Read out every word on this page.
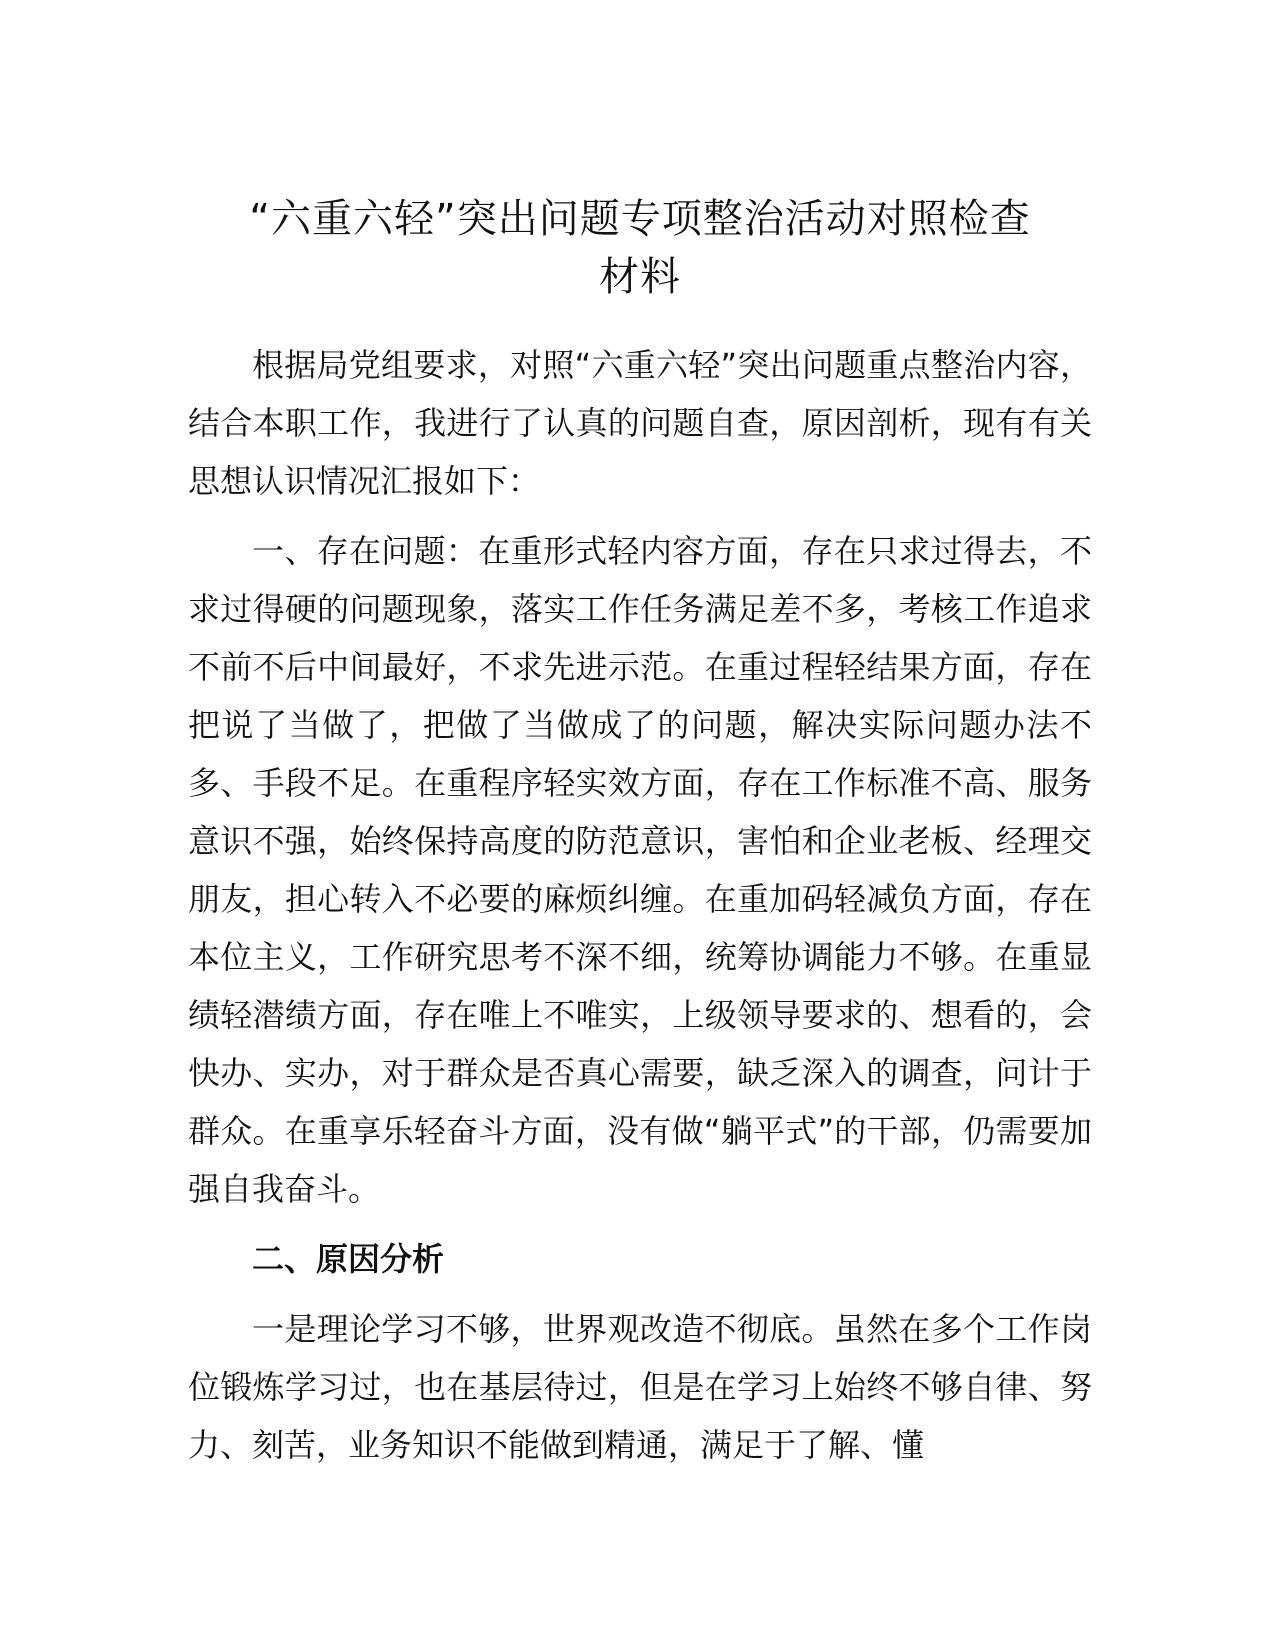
“六重六轻”突出问题专项整治活动对照检查
材料

根据局党组要求，对照“六重六轻”突出问题重点整治内容，结合本职工作，我进行了认真的问题自查，原因剖析，现有有关思想认识情况汇报如下：

一、存在问题：在重形式轻内容方面，存在只求过得去，不求过得硬的问题现象，落实工作任务满足差不多，考核工作追求不前不后中间最好，不求先进示范。在重过程轻结果方面，存在把说了当做了，把做了当做成了的问题，解决实际问题办法不多、手段不足。在重程序轻实效方面，存在工作标准不高、服务意识不强，始终保持高度的防范意识，害怕和企业老板、经理交朋友，担心转入不必要的麻烦纠缠。在重加码轻减负方面，存在本位主义，工作研究思考不深不细，统筹协调能力不够。在重显绩轻潜绩方面，存在唯上不唯实，上级领导要求的、想看的，会快办、实办，对于群众是否真心需要，缺乏深入的调查，问计于群众。在重享乐轻奋斗方面，没有做“躺平式”的干部，仍需要加强自我奋斗。

二、原因分析

一是理论学习不够，世界观改造不彻底。虽然在多个工作岗位锻炼学习过，也在基层待过，但是在学习上始终不够自律、努力、刻苦，业务知识不能做到精通，满足于了解、懂
